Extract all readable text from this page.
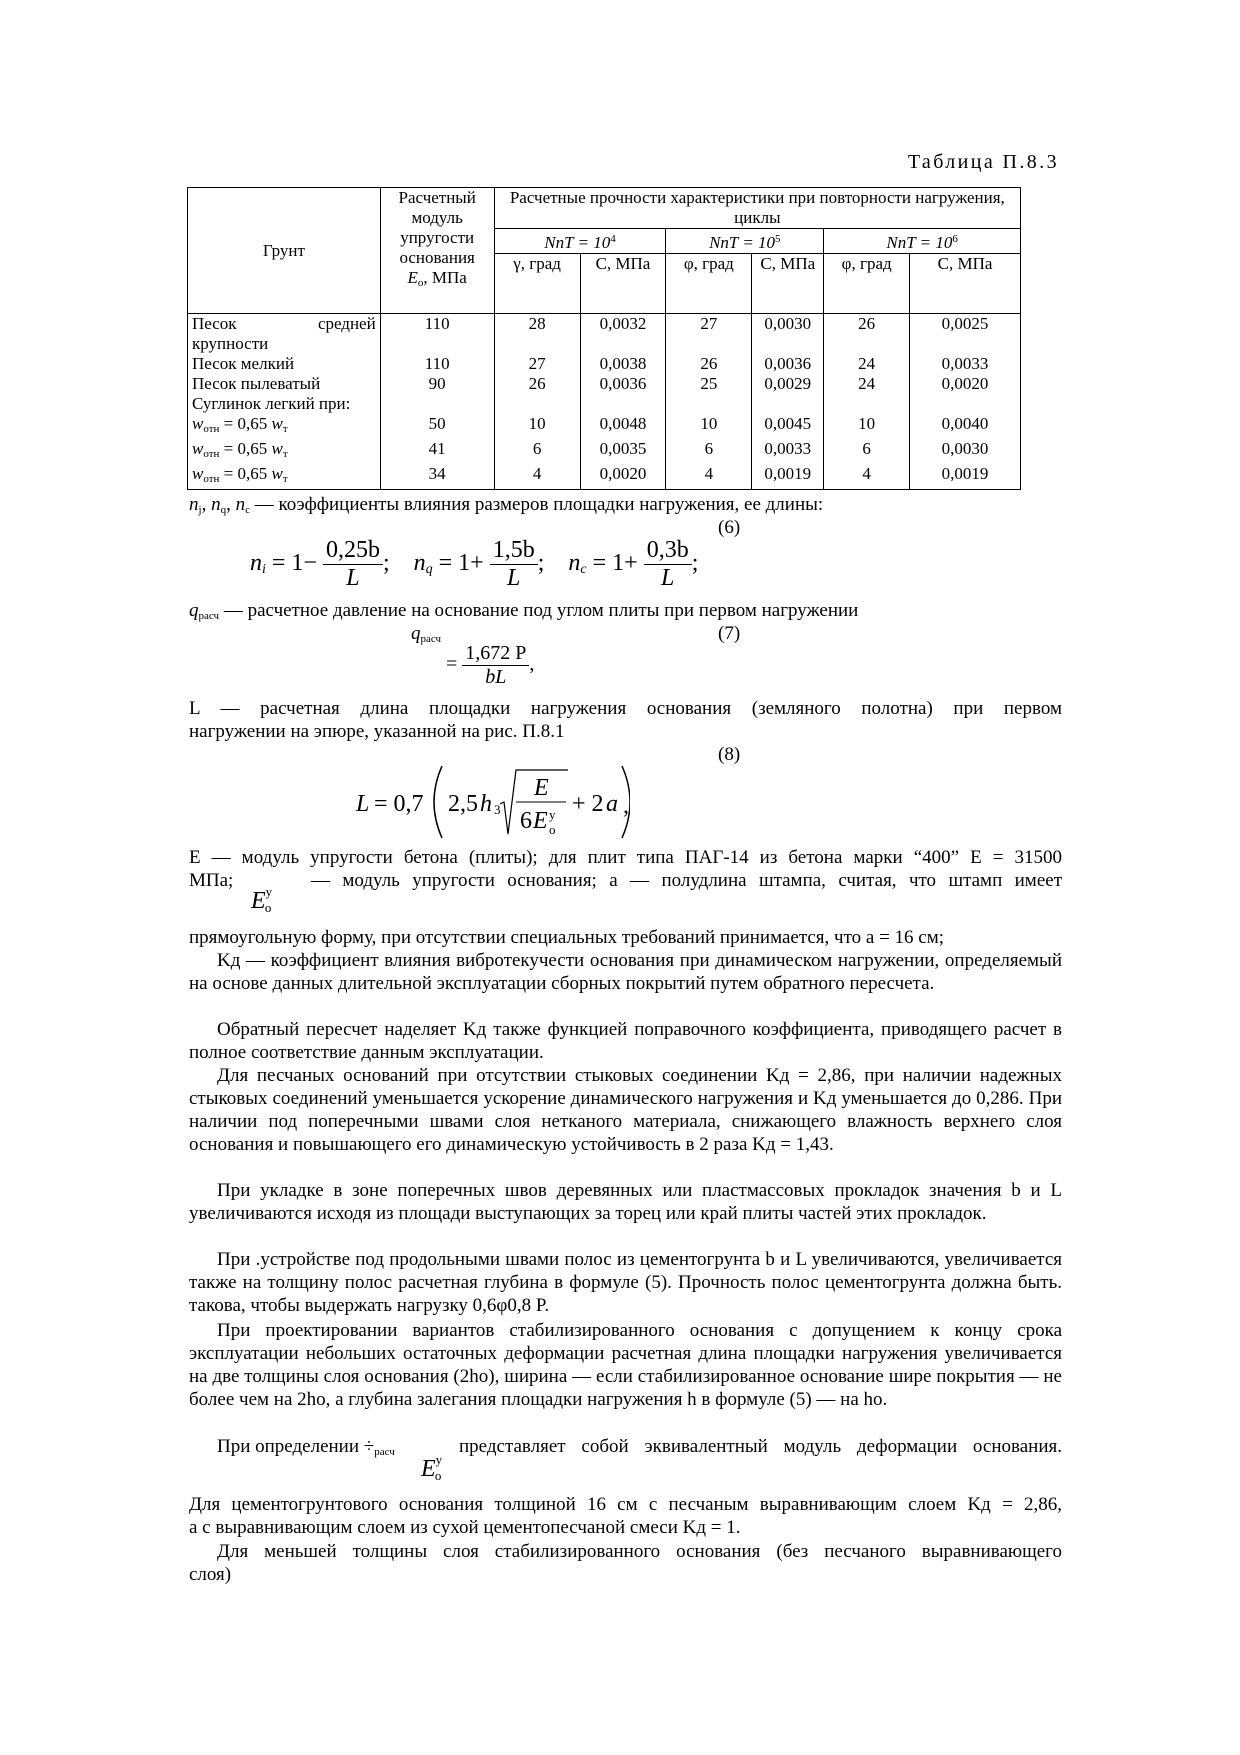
Таблица П.8.3
Грунт	Расчетный
модуль
упругости
основания
$E_о$, МПа	Расчетные прочности характеристики при повторности нагружения, циклы					
		NnT = $10^4$		NnT = $10^5$		NnT = $10^6$
		γ, град	C, МПа	φ, град	C, МПа	φ, град	C, МПа

Песок средней
крупности	110	28	0,0032	27	0,0030	26	0,0025
Песок мелкий	110	27	0,0038	26	0,0036	24	0,0033
Песок пылеватый	90	26	0,0036	25	0,0029	24	0,0020
Суглинок легкий при:							
$w_{отн} = 0,65$ $w_т$	50	10	0,0048	10	0,0045	10	0,0040
$w_{отн} = 0,65$ $w_т$	41	6	0,0035	6	0,0033	6	0,0030
$w_{отн} = 0,65$ $w_т$	34	4	0,0020	4	0,0019	4	0,0019
$n_j$, $n_q$, $n_c$ — коэффициенты влияния размеров площадки нагружения, ее длины:
(6)
$n_i = 1- \frac{0,25b}{L}$ ;    $n_q = 1+ \frac{1,5b}{L}$ ;    $n_c = 1+ \frac{0,3b}{L}$ ;
$q_{расч}$ — расчетное давление на основание под углом плиты при первом нагружении
$q_{расч}$	(7)
= $\frac{1,672 P}{bL}$ ,
L — расчетная длина площадки нагружения основания (земляного полотна) при первом
нагружении на эпюре, указанной на рис. П.8.1
(8)
L = 0,7 2,5 h 3
E
6 E у
о
+ 2 a ,
E — модуль упругости бетона (плиты); для плит типа ПАГ-14 из бетона марки “400” E = 31500
МПа;	— модуль упругости основания; a — полудлина штампа, считая, что штамп имеет
$E^уо$
прямоугольную форму, при отсутствии специальных требований принимается, что a = 16 см;
Kд — коэффициент влияния вибротекучести основания при динамическом нагружении, определяемый на основе данных длительной эксплуатации сборных покрытий путем обратного пересчета.
Обратный пересчет наделяет Kд также функцией поправочного коэффициента, приводящего расчет в полное соответствие данным эксплуатации.
Для песчаных оснований при отсутствии стыковых соединении Kд = 2,86, при наличии надежных стыковых соединений уменьшается ускорение динамического нагружения и Kд уменьшается до 0,286. При наличии под поперечными швами слоя нетканого материала, снижающего влажность верхнего слоя основания и повышающего его динамическую устойчивость в 2 раза Kд = 1,43.
При укладке в зоне поперечных швов деревянных или пластмассовых прокладок значения b и L увеличиваются исходя из площади выступающих за торец или край плиты частей этих прокладок.
При .устройстве под продольными швами полос из цементогрунта b и L увеличиваются, увеличивается также на толщину полос расчетная глубина в формуле (5). Прочность полос цементогрунта должна быть. такова, чтобы выдержать нагрузку 0,6φ0,8 P.
При проектировании вариантов стабилизированного основания с допущением к концу срока эксплуатации небольших остаточных деформации расчетная длина площадки нагружения увеличивается на две толщины слоя основания (2hо), ширина — если стабилизированное основание шире покрытия — не более чем на 2hо, а глубина залегания площадки нагружения h в формуле (5) — на hо.
При определении $\div_{расч}$	представляет собой эквивалентный модуль деформации основания.
$E^уо$
Для цементогрунтового основания толщиной 16 см с песчаным выравнивающим слоем Kд = 2,86,
а с выравнивающим слоем из сухой цементопесчаной смеси Kд = 1.
Для меньшей толщины слоя стабилизированного основания (без песчаного выравнивающего
слоя)
